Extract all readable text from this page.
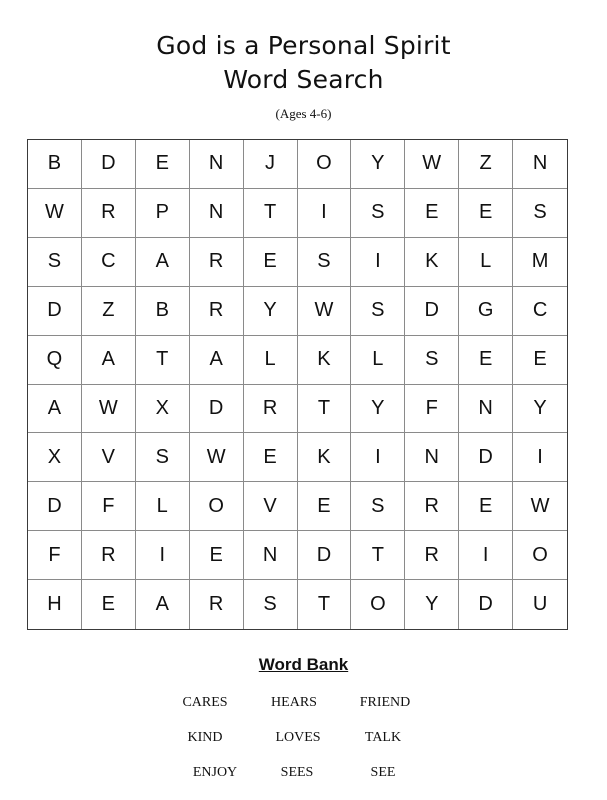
God is a Personal Spirit
Word Search
(Ages 4-6)
B	D	E	N	J	O	Y	W	Z	N
W	R	P	N	T	I	S	E	E	S
S	C	A	R	E	S	I	K	L	M
D	Z	B	R	Y	W	S	D	G	C
Q	A	T	A	L	K	L	S	E	E
A	W	X	D	R	T	Y	F	N	Y
X	V	S	W	E	K	I	N	D	I
D	F	L	O	V	E	S	R	E	W
F	R	I	E	N	D	T	R	I	O
H	E	A	R	S	T	O	Y	D	U
Word Bank
CARES	HEARS	FRIEND
KIND	LOVES	TALK
ENJOY	SEES	SEE
